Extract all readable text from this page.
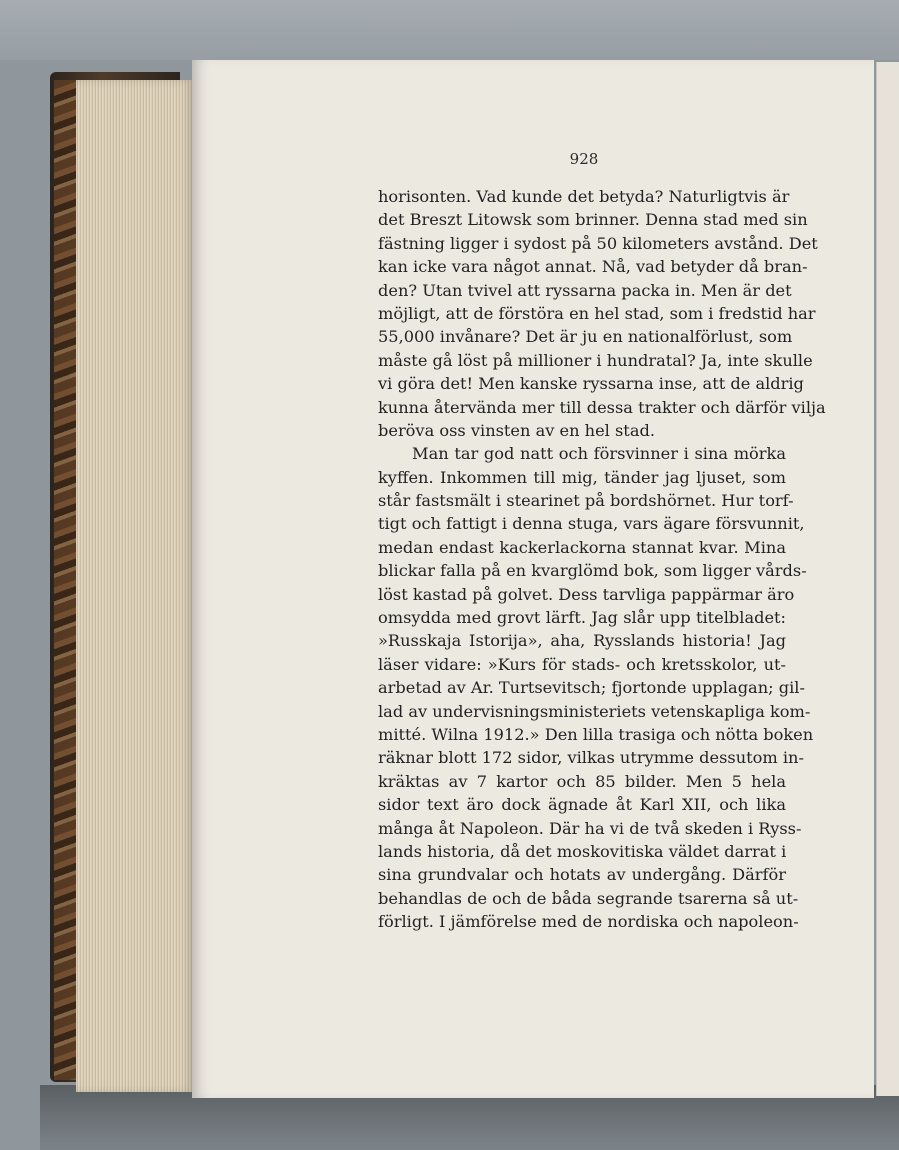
928
horisonten. Vad kunde det betyda? Naturligtvis är
det Breszt Litowsk som brinner. Denna stad med sin
fästning ligger i sydost på 50 kilometers avstånd. Det
kan icke vara något annat. Nå, vad betyder då bran-
den? Utan tvivel att ryssarna packa in. Men är det
möjligt, att de förstöra en hel stad, som i fredstid har
55,000 invånare? Det är ju en nationalförlust, som
måste gå löst på millioner i hundratal? Ja, inte skulle
vi göra det! Men kanske ryssarna inse, att de aldrig
kunna återvända mer till dessa trakter och därför vilja
beröva oss vinsten av en hel stad.
Man tar god natt och försvinner i sina mörka
kyffen. Inkommen till mig, tänder jag ljuset, som
står fastsmält i stearinet på bordshörnet. Hur torf-
tigt och fattigt i denna stuga, vars ägare försvunnit,
medan endast kackerlackorna stannat kvar. Mina
blickar falla på en kvarglömd bok, som ligger vårds-
löst kastad på golvet. Dess tarvliga pappärmar äro
omsydda med grovt lärft. Jag slår upp titelbladet:
»Russkaja Istorija», aha, Rysslands historia! Jag
läser vidare: »Kurs för stads- och kretsskolor, ut-
arbetad av Ar. Turtsevitsch; fjortonde upplagan; gil-
lad av undervisningsministeriets vetenskapliga kom-
mitté. Wilna 1912.» Den lilla trasiga och nötta boken
räknar blott 172 sidor, vilkas utrymme dessutom in-
kräktas av 7 kartor och 85 bilder. Men 5 hela
sidor text äro dock ägnade åt Karl XII, och lika
många åt Napoleon. Där ha vi de två skeden i Ryss-
lands historia, då det moskovitiska väldet darrat i
sina grundvalar och hotats av undergång. Därför
behandlas de och de båda segrande tsarerna så ut-
förligt. I jämförelse med de nordiska och napoleon-
